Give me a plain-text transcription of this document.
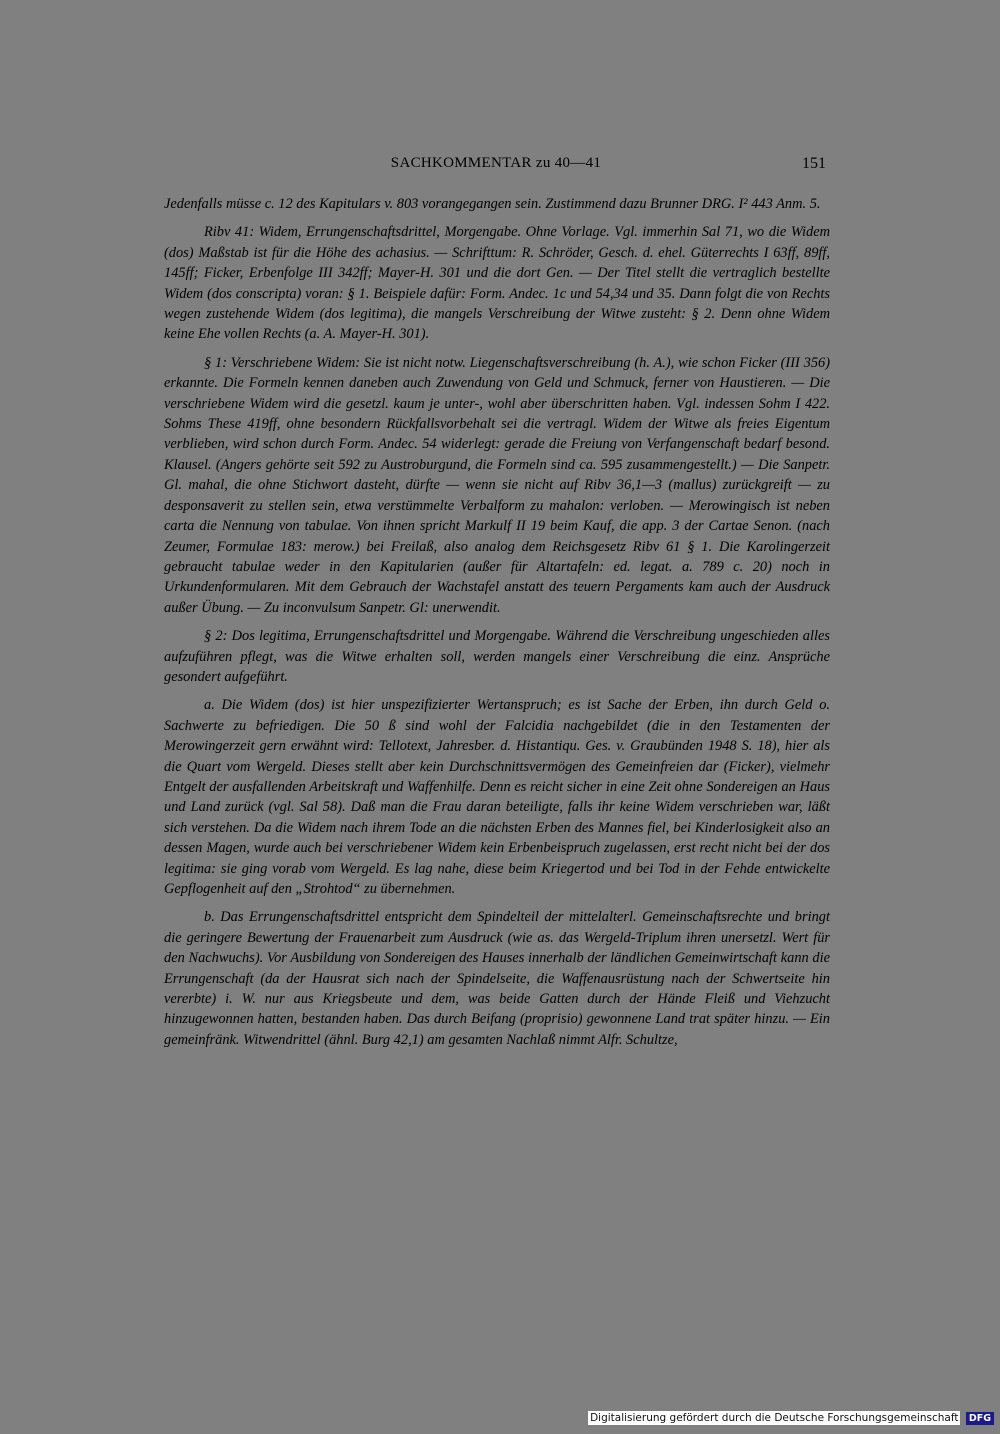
SACHKOMMENTAR zu 40—41	151

Jedenfalls müsse c. 12 des Kapitulars v. 803 vorangegangen sein. Zustimmend dazu Brunner DRG. I² 443 Anm. 5.

Ribv 41: Widem, Errungenschaftsdrittel, Morgengabe. Ohne Vorlage. Vgl. immerhin Sal 71, wo die Widem (dos) Maßstab ist für die Höhe des achasius. — Schrifttum: R. Schröder, Gesch. d. ehel. Güterrechts I 63ff, 89ff, 145ff; Ficker, Erbenfolge III 342ff; Mayer-H. 301 und die dort Gen. — Der Titel stellt die vertraglich bestellte Widem (dos conscripta) voran: § 1. Beispiele dafür: Form. Andec. 1c und 54,34 und 35. Dann folgt die von Rechts wegen zustehende Widem (dos legitima), die mangels Verschreibung der Witwe zusteht: § 2. Denn ohne Widem keine Ehe vollen Rechts (a. A. Mayer-H. 301).

§ 1: Verschriebene Widem: Sie ist nicht notw. Liegenschaftsverschreibung (h. A.), wie schon Ficker (III 356) erkannte. Die Formeln kennen daneben auch Zuwendung von Geld und Schmuck, ferner von Haustieren. — Die verschriebene Widem wird die gesetzl. kaum je unter-, wohl aber überschritten haben. Vgl. indessen Sohm I 422. Sohms These 419ff, ohne besondern Rückfallsvorbehalt sei die vertragl. Widem der Witwe als freies Eigentum verblieben, wird schon durch Form. Andec. 54 widerlegt: gerade die Freiung von Verfangenschaft bedarf besond. Klausel. (Angers gehörte seit 592 zu Austroburgund, die Formeln sind ca. 595 zusammengestellt.) — Die Sanpetr. Gl. mahal, die ohne Stichwort dasteht, dürfte — wenn sie nicht auf Ribv 36,1—3 (mallus) zurückgreift — zu desponsaverit zu stellen sein, etwa verstümmelte Verbalform zu mahalon: verloben. — Merowingisch ist neben carta die Nennung von tabulae. Von ihnen spricht Markulf II 19 beim Kauf, die app. 3 der Cartae Senon. (nach Zeumer, Formulae 183: merow.) bei Freilaß, also analog dem Reichsgesetz Ribv 61 § 1. Die Karolingerzeit gebraucht tabulae weder in den Kapitularien (außer für Altartafeln: ed. legat. a. 789 c. 20) noch in Urkundenformularen. Mit dem Gebrauch der Wachstafel anstatt des teuern Pergaments kam auch der Ausdruck außer Übung. — Zu inconvulsum Sanpetr. Gl: unerwendit.

§ 2: Dos legitima, Errungenschaftsdrittel und Morgengabe. Während die Verschreibung ungeschieden alles aufzuführen pflegt, was die Witwe erhalten soll, werden mangels einer Verschreibung die einz. Ansprüche gesondert aufgeführt.

a. Die Widem (dos) ist hier unspezifizierter Wertanspruch; es ist Sache der Erben, ihn durch Geld o. Sachwerte zu befriedigen. Die 50 ß sind wohl der Falcidia nachgebildet (die in den Testamenten der Merowingerzeit gern erwähnt wird: Tellotext, Jahresber. d. Histantiqu. Ges. v. Graubünden 1948 S. 18), hier als die Quart vom Wergeld. Dieses stellt aber kein Durchschnittsvermögen des Gemeinfreien dar (Ficker), vielmehr Entgelt der ausfallenden Arbeitskraft und Waffenhilfe. Denn es reicht sicher in eine Zeit ohne Sondereigen an Haus und Land zurück (vgl. Sal 58). Daß man die Frau daran beteiligte, falls ihr keine Widem verschrieben war, läßt sich verstehen. Da die Widem nach ihrem Tode an die nächsten Erben des Mannes fiel, bei Kinderlosigkeit also an dessen Magen, wurde auch bei verschriebener Widem kein Erbenbeispruch zugelassen, erst recht nicht bei der dos legitima: sie ging vorab vom Wergeld. Es lag nahe, diese beim Kriegertod und bei Tod in der Fehde entwickelte Gepflogenheit auf den „Strohtod“ zu übernehmen.

b. Das Errungenschaftsdrittel entspricht dem Spindelteil der mittelalterl. Gemeinschaftsrechte und bringt die geringere Bewertung der Frauenarbeit zum Ausdruck (wie as. das Wergeld-Triplum ihren unersetzl. Wert für den Nachwuchs). Vor Ausbildung von Sondereigen des Hauses innerhalb der ländlichen Gemeinwirtschaft kann die Errungenschaft (da der Hausrat sich nach der Spindelseite, die Waffenausrüstung nach der Schwertseite hin vererbte) i. W. nur aus Kriegsbeute und dem, was beide Gatten durch der Hände Fleiß und Viehzucht hinzugewonnen hatten, bestanden haben. Das durch Beifang (proprisio) gewonnene Land trat später hinzu. — Ein gemeinfränk. Witwendrittel (ähnl. Burg 42,1) am gesamten Nachlaß nimmt Alfr. Schultze,

Digitalisierung gefördert durch die Deutsche Forschungsgemeinschaft DFG
